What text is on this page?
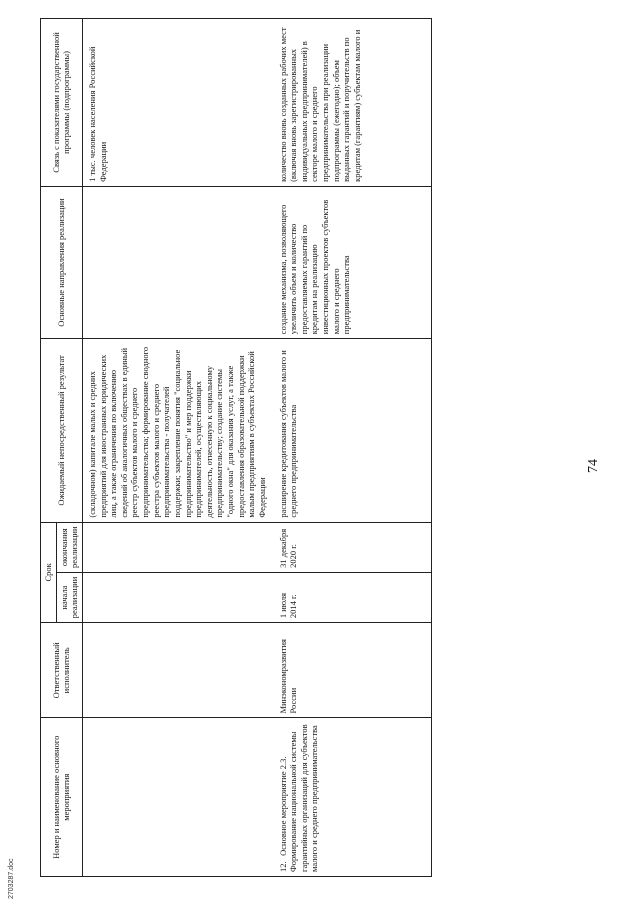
74
Номер и наименование основного мероприятия	Ответственный исполнитель	Срок		Ожидаемый непосредственный результат	Основные направления реализации	Связь с показателями государственной программы (подпрограммы)
		начала реализации	окончания реализации			
				(складочном) капитале малых и средних предприятий для иностранных юридических лиц, а также ограничения по включению сведений об аналогичных обществах в единый реестр субъектов малого и среднего предпринимательства; формирование сводного реестра субъектов малого и среднего предпринимательства - получателей поддержки; закрепление понятия "социальное предпринимательство" и мер поддержки предпринимателей, осуществляющих деятельность, отнесенную к социальному предпринимательству; создание системы "одного окна" для оказания услуг, а также предоставления образовательной поддержки малым предприятиям в субъектах Российской Федерации		1 тыс. человек населения Российской Федерации
12. Основное мероприятие 2.3. Формирование национальной системы гарантийных организаций для субъектов малого и среднего предпринимательства	Минэкономразвития России	1 июля 2014 г.	31 декабря 2020 г.	расширение кредитования субъектов малого и среднего предпринимательства	создание механизма, позволяющего увеличить объем и количество предоставляемых гарантий по кредитам на реализацию инвестиционных проектов субъектов малого и среднего предпринимательства	количество вновь созданных рабочих мест (включая вновь зарегистрированных индивидуальных предпринимателей) в секторе малого и среднего предпринимательства при реализации подпрограммы (ежегодно); объем выданных гарантий и поручительств по кредитам (гарантиям) субъектам малого и
2703287.doc
